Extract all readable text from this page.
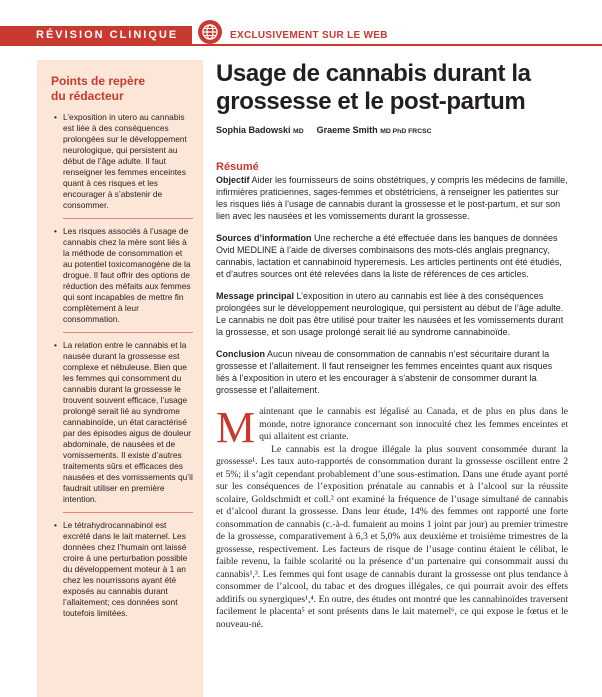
RÉVISION CLINIQUE	EXCLUSIVEMENT SUR LE WEB
Points de repère
du rédacteur
• L’exposition in utero au cannabis est liée à des conséquences prolongées sur le développement neurologique, qui persistent au début de l’âge adulte. Il faut renseigner les femmes enceintes quant à ces risques et les encourager à s’abstenir de consommer.
• Les risques associés à l’usage de cannabis chez la mère sont liés à la méthode de consommation et au potentiel toxicomanogène de la drogue. Il faut offrir des options de réduction des méfaits aux femmes qui sont incapables de mettre fin complètement à leur consommation.
• La relation entre le cannabis et la nausée durant la grossesse est complexe et nébuleuse. Bien que les femmes qui consomment du cannabis durant la grossesse le trouvent souvent efficace, l’usage prolongé serait lié au syndrome cannabinoïde, un état caractérisé par des épisodes aigus de douleur abdominale, de nausées et de vomissements. Il existe d’autres traitements sûrs et efficaces des nausées et des vomissements qu’il faudrait utiliser en première intention.
• Le tétrahydrocannabinol est excrété dans le lait maternel. Les données chez l’humain ont laissé croire à une perturbation possible du développement moteur à 1 an chez les nourrissons ayant été exposés au cannabis durant l’allaitement; ces données sont toutefois limitées.
Usage de cannabis durant la grossesse et le post-partum
Sophia Badowski MD Graeme Smith MD PhD FRCSC
Résumé
Objectif Aider les fournisseurs de soins obstétriques, y compris les médecins de famille, infirmières praticiennes, sages-femmes et obstétriciens, à renseigner les patientes sur les risques liés à l’usage de cannabis durant la grossesse et le post-partum, et sur son lien avec les nausées et les vomissements durant la grossesse.
Sources d’information Une recherche a été effectuée dans les banques de données Ovid MEDLINE à l’aide de diverses combinaisons des mots-clés anglais pregnancy, cannabis, lactation et cannabinoid hyperemesis. Les articles pertinents ont été étudiés, et d’autres sources ont été relevées dans la liste de références de ces articles.
Message principal L’exposition in utero au cannabis est liée à des conséquences prolongées sur le développement neurologique, qui persistent au début de l’âge adulte. Le cannabis ne doit pas être utilisé pour traiter les nausées et les vomissements durant la grossesse, et son usage prolongé serait lié au syndrome cannabinoïde.
Conclusion Aucun niveau de consommation de cannabis n’est sécuritaire durant la grossesse et l’allaitement. Il faut renseigner les femmes enceintes quant aux risques liés à l’exposition in utero et les encourager à s’abstenir de consommer durant la grossesse et l’allaitement.

Maintenant que le cannabis est légalisé au Canada, et de plus en plus dans le monde, notre ignorance concernant son innocuité chez les femmes enceintes et qui allaitent est criante.

Le cannabis est la drogue illégale la plus souvent consommée durant la grossesse¹. Les taux auto-rapportés de consommation durant la grossesse oscillent entre 2 et 5%; il s’agit cependant probablement d’une sous-estimation. Dans une étude ayant porté sur les conséquences de l’exposition prénatale au cannabis et à l’alcool sur la réussite scolaire, Goldschmidt et coll.² ont examiné la fréquence de l’usage simultané de cannabis et d’alcool durant la grossesse. Dans leur étude, 14% des femmes ont rapporté une forte consommation de cannabis (c.-à-d. fumaient au moins 1 joint par jour) au premier trimestre de la grossesse, comparativement à 6,3 et 5,0% aux deuxième et troisième trimestres de la grossesse, respectivement. Les facteurs de risque de l’usage continu étaient le célibat, le faible revenu, la faible scolarité ou la présence d’un partenaire qui consommait aussi du cannabis¹,³. Les femmes qui font usage de cannabis durant la grossesse ont plus tendance à consommer de l’alcool, du tabac et des drogues illégales, ce qui pourrait avoir des effets additifs ou synergiques¹,⁴. En outre, des études ont montré que les cannabinoïdes traversent facilement le placenta⁵ et sont présents dans le lait maternel⁶, ce qui expose le fœtus et le nouveau-né.
